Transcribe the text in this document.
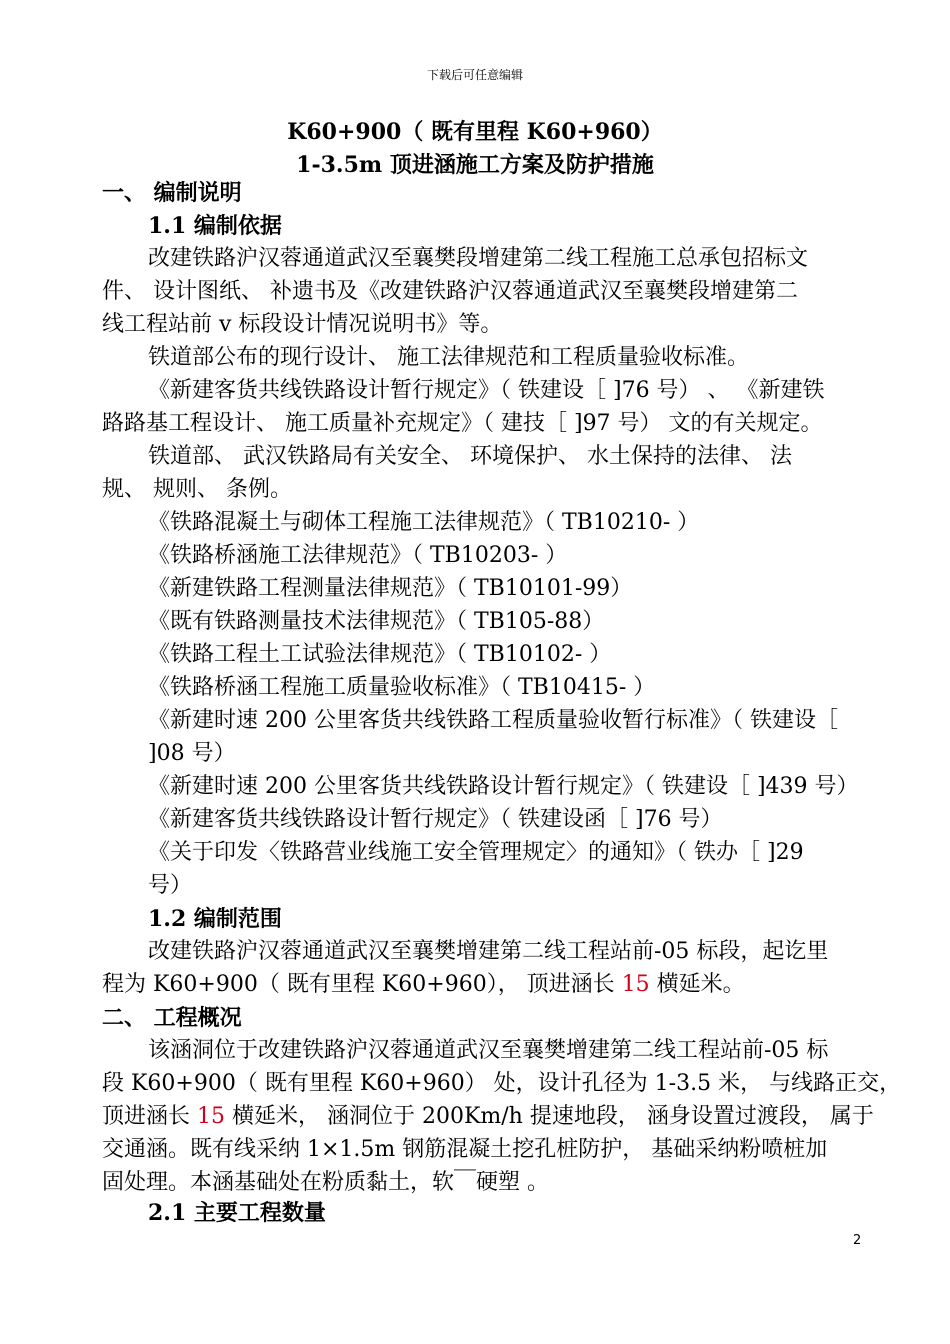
下载后可任意编辑
K60+900（ 既有里程 K60+960）
1-3.5m 顶进涵施工方案及防护措施
一、 编制说明
1.1 编制依据
改建铁路沪汉蓉通道武汉至襄樊段增建第二线工程施工总承包招标文
件、 设计图纸、 补遗书及《改建铁路沪汉蓉通道武汉至襄樊段增建第二
线工程站前 v 标段设计情况说明书》等。
铁道部公布的现行设计、 施工法律规范和工程质量验收标准。
《新建客货共线铁路设计暂行规定》（ 铁建设［ ]76 号） 、 《新建铁
路路基工程设计、 施工质量补充规定》（ 建技［ ]97 号） 文的有关规定。
铁道部、 武汉铁路局有关安全、 环境保护、 水土保持的法律、 法
规、 规则、 条例。
《铁路混凝土与砌体工程施工法律规范》（ TB10210- ）
《铁路桥涵施工法律规范》（ TB10203- ）
《新建铁路工程测量法律规范》（ TB10101-99）
《既有铁路测量技术法律规范》（ TB105-88）
《铁路工程土工试验法律规范》（ TB10102- ）
《铁路桥涵工程施工质量验收标准》（ TB10415- ）
《新建时速 200 公里客货共线铁路工程质量验收暂行标准》（ 铁建设［
]08 号）
《新建时速 200 公里客货共线铁路设计暂行规定》（ 铁建设［ ]439 号）
《新建客货共线铁路设计暂行规定》（ 铁建设函［ ]76 号）
《关于印发〈铁路营业线施工安全管理规定〉的通知》（ 铁办［ ]29
号）
1.2 编制范围
改建铁路沪汉蓉通道武汉至襄樊增建第二线工程站前-05 标段，起讫里
程为 K60+900（ 既有里程 K60+960）， 顶进涵长 15 横延米。
二、 工程概况
该涵洞位于改建铁路沪汉蓉通道武汉至襄樊增建第二线工程站前-05 标
段 K60+900（ 既有里程 K60+960） 处，设计孔径为 1-3.5 米， 与线路正交，
顶进涵长 15 横延米， 涵洞位于 200Km/h 提速地段， 涵身设置过渡段， 属于
交通涵。既有线采纳 1×1.5m 钢筋混凝土挖孔桩防护， 基础采纳粉喷桩加
固处理。本涵基础处在粉质黏土，软￣硬塑 。
2.1 主要工程数量
2
